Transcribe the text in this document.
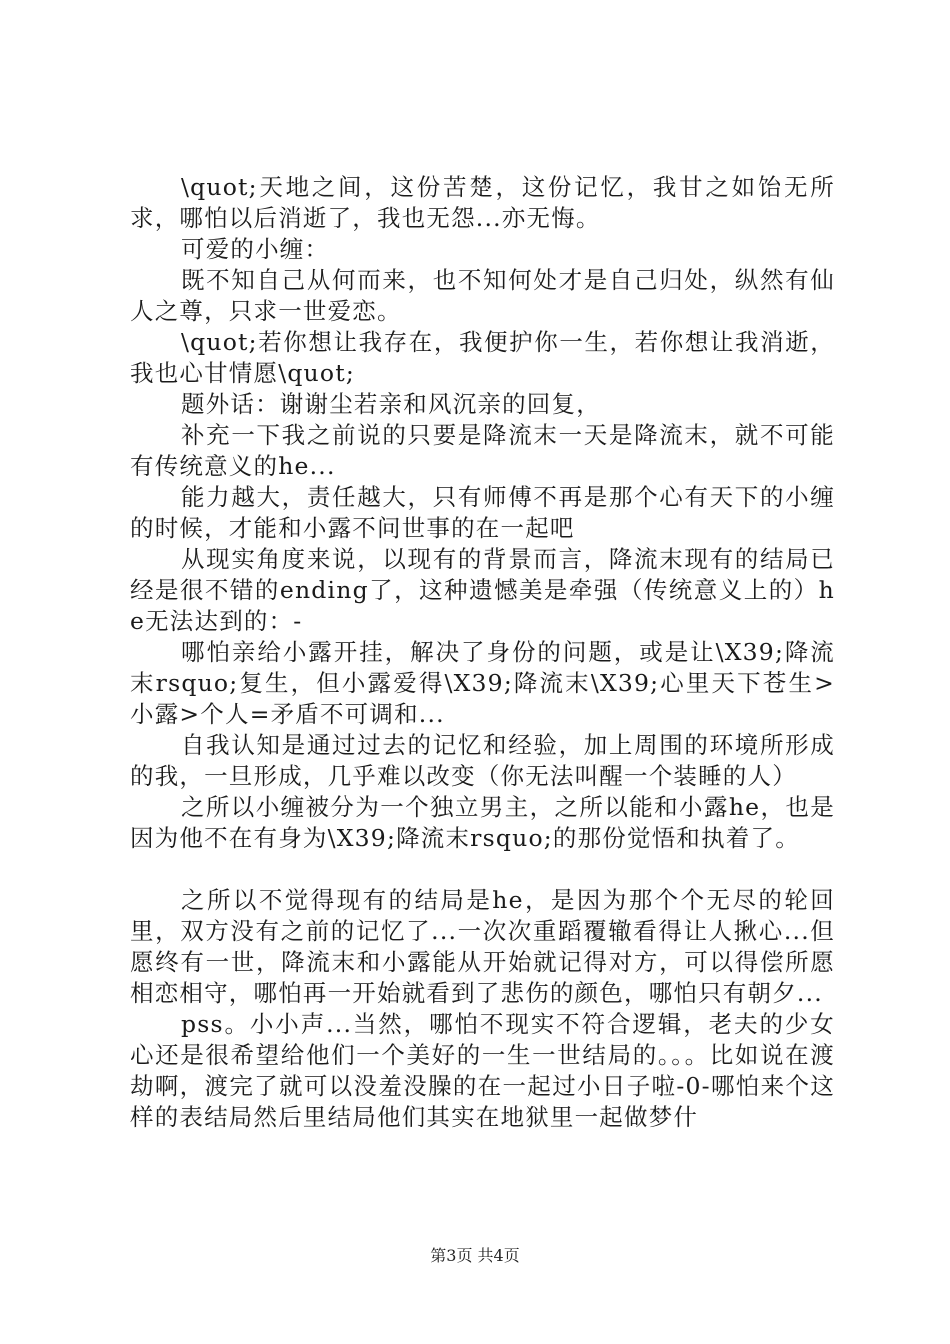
\quot;天地之间，这份苦楚，这份记忆，我甘之如饴无所求，哪怕以后消逝了，我也无怨...亦无悔。

可爱的小缠：

既不知自己从何而来，也不知何处才是自己归处，纵然有仙人之尊，只求一世爱恋。

\quot;若你想让我存在，我便护你一生，若你想让我消逝，我也心甘情愿\quot;

题外话：谢谢尘若亲和风沉亲的回复，

补充一下我之前说的只要是降流末一天是降流末，就不可能有传统意义的he...

能力越大，责任越大，只有师傅不再是那个心有天下的小缠的时候，才能和小露不问世事的在一起吧

从现实角度来说，以现有的背景而言，降流末现有的结局已经是很不错的ending了，这种遗憾美是牵强（传统意义上的）he无法达到的：-

哪怕亲给小露开挂，解决了身份的问题，或是让\X39;降流末rsquo;复生，但小露爱得\X39;降流末\X39;心里天下苍生>小露>个人=矛盾不可调和...

自我认知是通过过去的记忆和经验，加上周围的环境所形成的我，一旦形成，几乎难以改变（你无法叫醒一个装睡的人）

之所以小缠被分为一个独立男主，之所以能和小露he，也是因为他不在有身为\X39;降流末rsquo;的那份觉悟和执着了。

之所以不觉得现有的结局是he，是因为那个个无尽的轮回里，双方没有之前的记忆了...一次次重蹈覆辙看得让人揪心...但愿终有一世，降流末和小露能从开始就记得对方，可以得偿所愿相恋相守，哪怕再一开始就看到了悲伤的颜色，哪怕只有朝夕...

pss。小小声...当然，哪怕不现实不符合逻辑，老夫的少女心还是很希望给他们一个美好的一生一世结局的。。。比如说在渡劫啊，渡完了就可以没羞没臊的在一起过小日子啦-0-哪怕来个这样的表结局然后里结局他们其实在地狱里一起做梦什

第3页 共4页
